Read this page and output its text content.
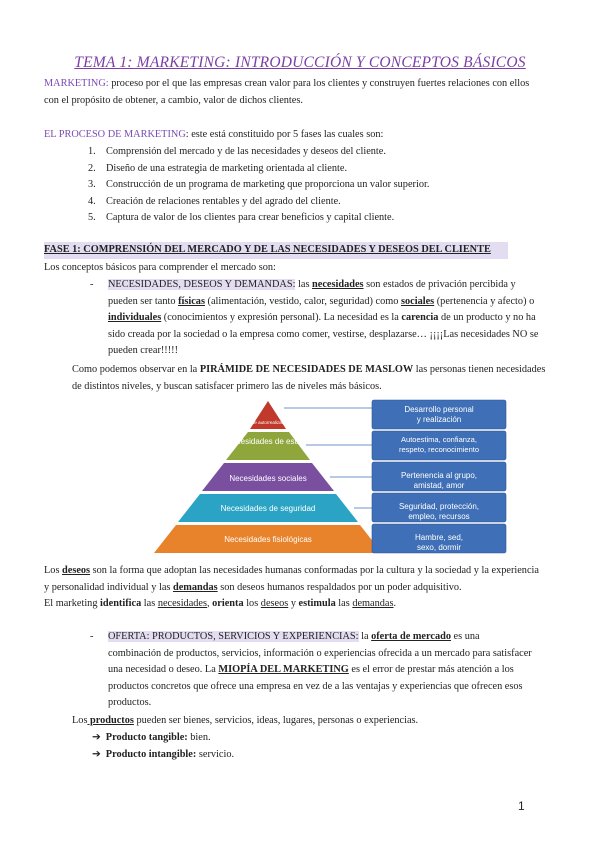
TEMA 1: MARKETING: INTRODUCCIÓN Y CONCEPTOS BÁSICOS
MARKETING: proceso por el que las empresas crean valor para los clientes y construyen fuertes relaciones con ellos
con el propósito de obtener, a cambio, valor de dichos clientes.
EL PROCESO DE MARKETING: este está constituido por 5 fases las cuales son:
1. Comprensión del mercado y de las necesidades y deseos del cliente.
2. Diseño de una estrategia de marketing orientada al cliente.
3. Construcción de un programa de marketing que proporciona un valor superior.
4. Creación de relaciones rentables y del agrado del cliente.
5. Captura de valor de los clientes para crear beneficios y capital cliente.
FASE 1: COMPRENSIÓN DEL MERCADO Y DE LAS NECESIDADES Y DESEOS DEL CLIENTE
Los conceptos básicos para comprender el mercado son:
- NECESIDADES, DESEOS Y DEMANDAS: las necesidades son estados de privación percibida y
pueden ser tanto físicas (alimentación, vestido, calor, seguridad) como sociales (pertenencia y afecto) o
individuales (conocimientos y expresión personal). La necesidad es la carencia de un producto y no ha
sido creada por la sociedad o la empresa como comer, vestirse, desplazarse… ¡¡¡¡Las necesidades NO se
pueden crear!!!!!
Como podemos observar en la PIRÁMIDE DE NECESIDADES DE MASLOW las personas tienen necesidades
de distintos niveles, y buscan satisfacer primero las de niveles más básicos.
N. de autorrealización
Necesidades de estima
Necesidades sociales
Necesidades de seguridad
Necesidades fisiológicas
Desarrollo personal y realización
Autoestima, confianza, respeto, reconocimiento
Pertenencia al grupo, amistad, amor
Seguridad, protección, empleo, recursos
Hambre, sed, sexo, dormir
Los deseos son la forma que adoptan las necesidades humanas conformadas por la cultura y la sociedad y la experiencia
y personalidad individual y las demandas son deseos humanos respaldados por un poder adquisitivo.
El marketing identifica las necesidades, orienta los deseos y estimula las demandas.
- OFERTA: PRODUCTOS, SERVICIOS Y EXPERIENCIAS: la oferta de mercado es una
combinación de productos, servicios, información o experiencias ofrecida a un mercado para satisfacer
una necesidad o deseo. La MIOPÍA DEL MARKETING es el error de prestar más atención a los
productos concretos que ofrece una empresa en vez de a las ventajas y experiencias que ofrecen esos
productos.
Los productos pueden ser bienes, servicios, ideas, lugares, personas o experiencias.
➔ Producto tangible: bien.
➔ Producto intangible: servicio.
1
